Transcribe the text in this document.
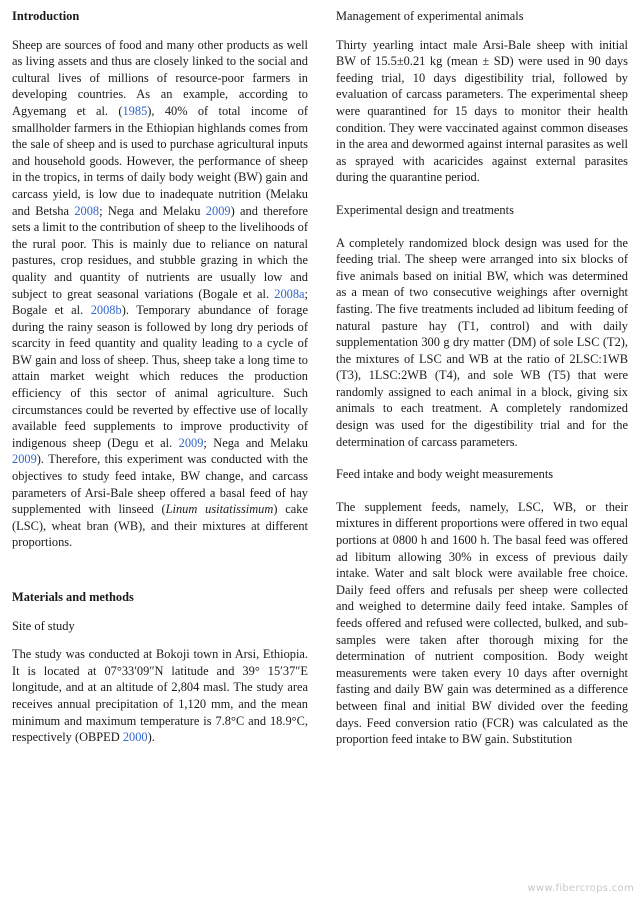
Introduction

Sheep are sources of food and many other products as well as living assets and thus are closely linked to the social and cultural lives of millions of resource-poor farmers in developing countries. As an example, according to Agyemang et al. (1985), 40% of total income of smallholder farmers in the Ethiopian highlands comes from the sale of sheep and is used to purchase agricultural inputs and household goods. However, the performance of sheep in the tropics, in terms of daily body weight (BW) gain and carcass yield, is low due to inadequate nutrition (Melaku and Betsha 2008; Nega and Melaku 2009) and therefore sets a limit to the contribution of sheep to the livelihoods of the rural poor. This is mainly due to reliance on natural pastures, crop residues, and stubble grazing in which the quality and quantity of nutrients are usually low and subject to great seasonal variations (Bogale et al. 2008a; Bogale et al. 2008b). Temporary abundance of forage during the rainy season is followed by long dry periods of scarcity in feed quantity and quality leading to a cycle of BW gain and loss of sheep. Thus, sheep take a long time to attain market weight which reduces the production efficiency of this sector of animal agriculture. Such circumstances could be reverted by effective use of locally available feed supplements to improve productivity of indigenous sheep (Degu et al. 2009; Nega and Melaku 2009). Therefore, this experiment was conducted with the objectives to study feed intake, BW change, and carcass parameters of Arsi-Bale sheep offered a basal feed of hay supplemented with linseed (Linum usitatissimum) cake (LSC), wheat bran (WB), and their mixtures at different proportions.

Materials and methods

Site of study

The study was conducted at Bokoji town in Arsi, Ethiopia. It is located at 07°33′09″N latitude and 39° 15′37″E longitude, and at an altitude of 2,804 masl. The study area receives annual precipitation of 1,120 mm, and the mean minimum and maximum temperature is 7.8°C and 18.9°C, respectively (OBPED 2000).

Management of experimental animals

Thirty yearling intact male Arsi-Bale sheep with initial BW of 15.5±0.21 kg (mean ± SD) were used in 90 days feeding trial, 10 days digestibility trial, followed by evaluation of carcass parameters. The experimental sheep were quarantined for 15 days to monitor their health condition. They were vaccinated against common diseases in the area and dewormed against internal parasites as well as sprayed with acaricides against external parasites during the quarantine period.

Experimental design and treatments

A completely randomized block design was used for the feeding trial. The sheep were arranged into six blocks of five animals based on initial BW, which was determined as a mean of two consecutive weighings after overnight fasting. The five treatments included ad libitum feeding of natural pasture hay (T1, control) and with daily supplementation 300 g dry matter (DM) of sole LSC (T2), the mixtures of LSC and WB at the ratio of 2LSC:1WB (T3), 1LSC:2WB (T4), and sole WB (T5) that were randomly assigned to each animal in a block, giving six animals to each treatment. A completely randomized design was used for the digestibility trial and for the determination of carcass parameters.

Feed intake and body weight measurements

The supplement feeds, namely, LSC, WB, or their mixtures in different proportions were offered in two equal portions at 0800 h and 1600 h. The basal feed was offered ad libitum allowing 30% in excess of previous daily intake. Water and salt block were available free choice. Daily feed offers and refusals per sheep were collected and weighed to determine daily feed intake. Samples of feeds offered and refused were collected, bulked, and sub-samples were taken after thorough mixing for the determination of nutrient composition. Body weight measurements were taken every 10 days after overnight fasting and daily BW gain was determined as a difference between final and initial BW divided over the feeding days. Feed conversion ratio (FCR) was calculated as the proportion feed intake to BW gain. Substitution

www.fibercrops.com
